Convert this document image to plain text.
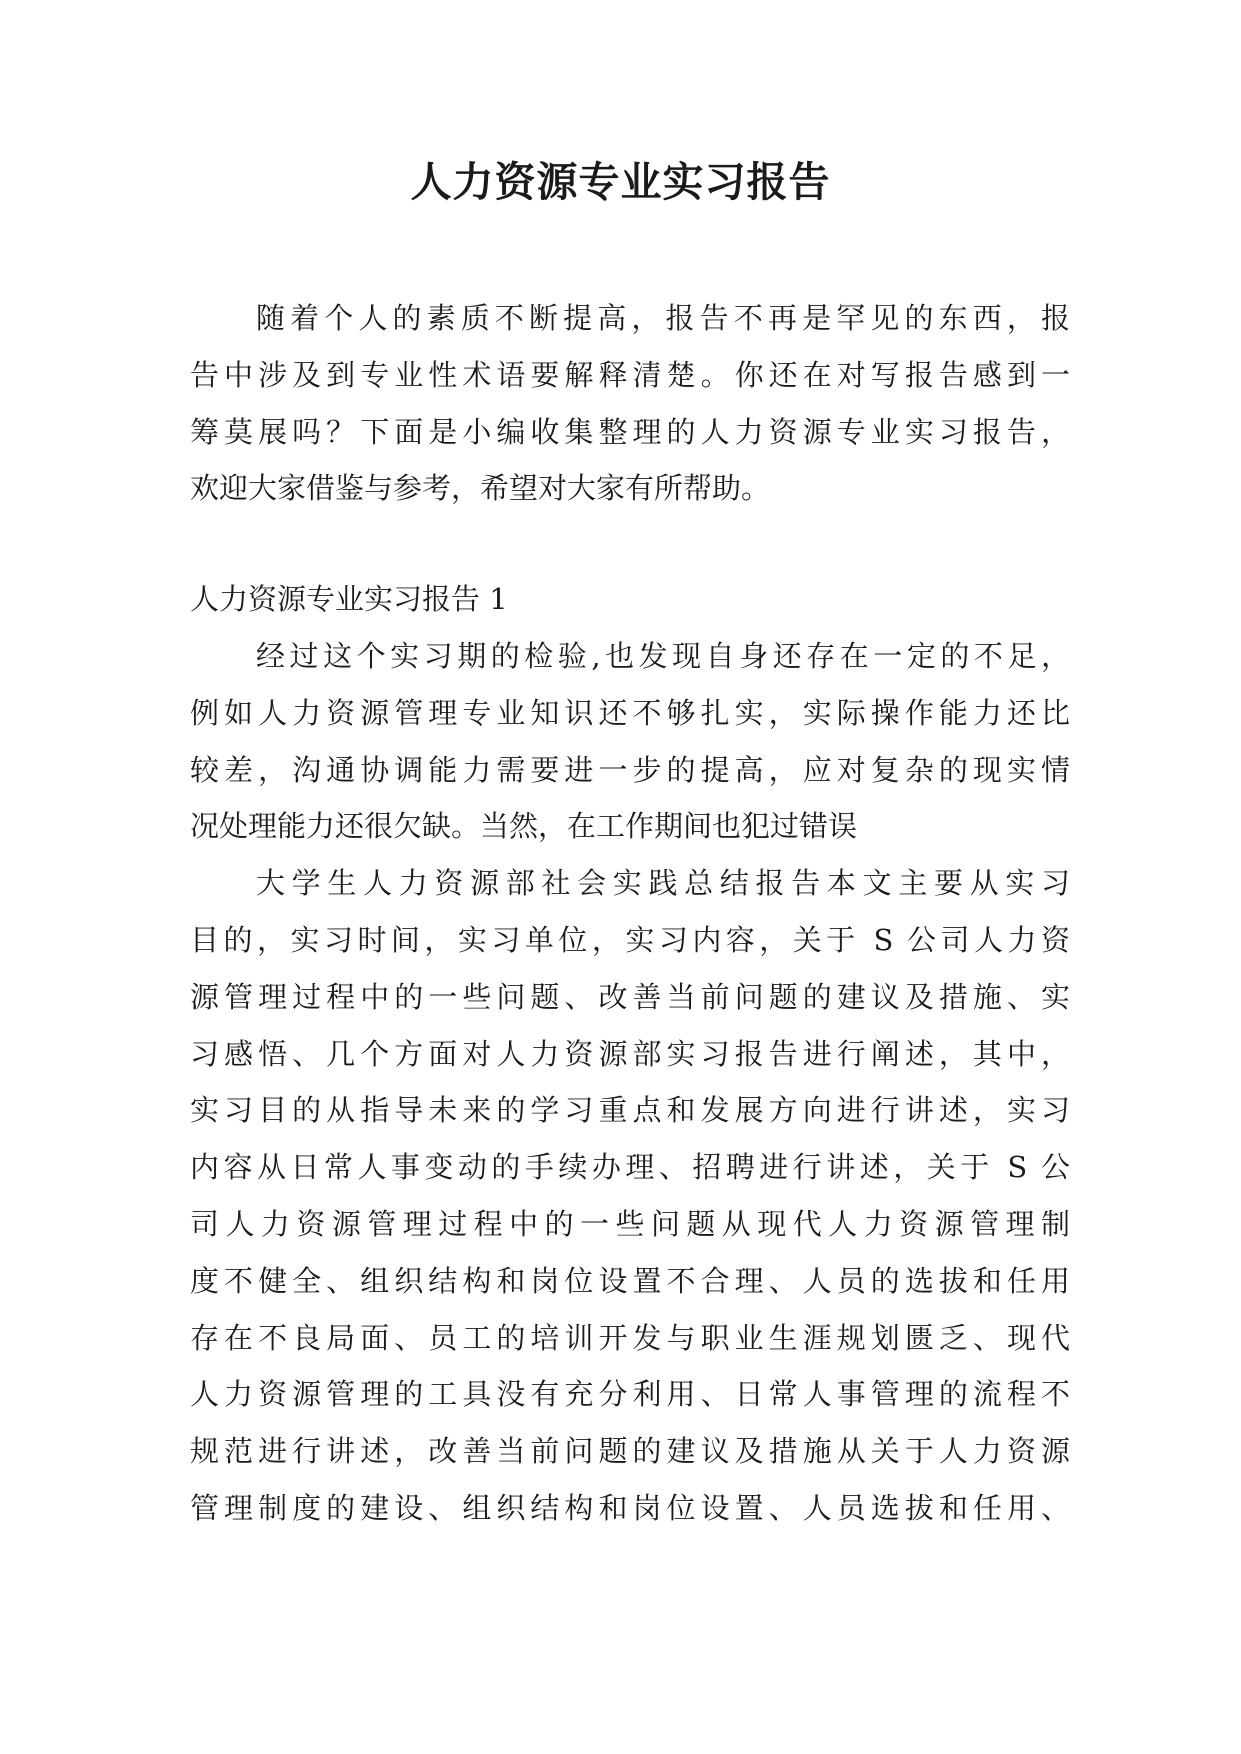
人力资源专业实习报告
随着个人的素质不断提高，报告不再是罕见的东西，报
告中涉及到专业性术语要解释清楚。你还在对写报告感到一
筹莫展吗？下面是小编收集整理的人力资源专业实习报告，
欢迎大家借鉴与参考，希望对大家有所帮助。
人力资源专业实习报告 1
经过这个实习期的检验,也发现自身还存在一定的不足，
例如人力资源管理专业知识还不够扎实，实际操作能力还比
较差，沟通协调能力需要进一步的提高，应对复杂的现实情
况处理能力还很欠缺。当然，在工作期间也犯过错误
大学生人力资源部社会实践总结报告本文主要从实习
目的，实习时间，实习单位，实习内容，关于 S 公司人力资
源管理过程中的一些问题、改善当前问题的建议及措施、实
习感悟、几个方面对人力资源部实习报告进行阐述，其中，
实习目的从指导未来的学习重点和发展方向进行讲述，实习
内容从日常人事变动的手续办理、招聘进行讲述，关于 S 公
司人力资源管理过程中的一些问题从现代人力资源管理制
度不健全、组织结构和岗位设置不合理、人员的选拔和任用
存在不良局面、员工的培训开发与职业生涯规划匮乏、现代
人力资源管理的工具没有充分利用、日常人事管理的流程不
规范进行讲述，改善当前问题的建议及措施从关于人力资源
管理制度的建设、组织结构和岗位设置、人员选拔和任用、
